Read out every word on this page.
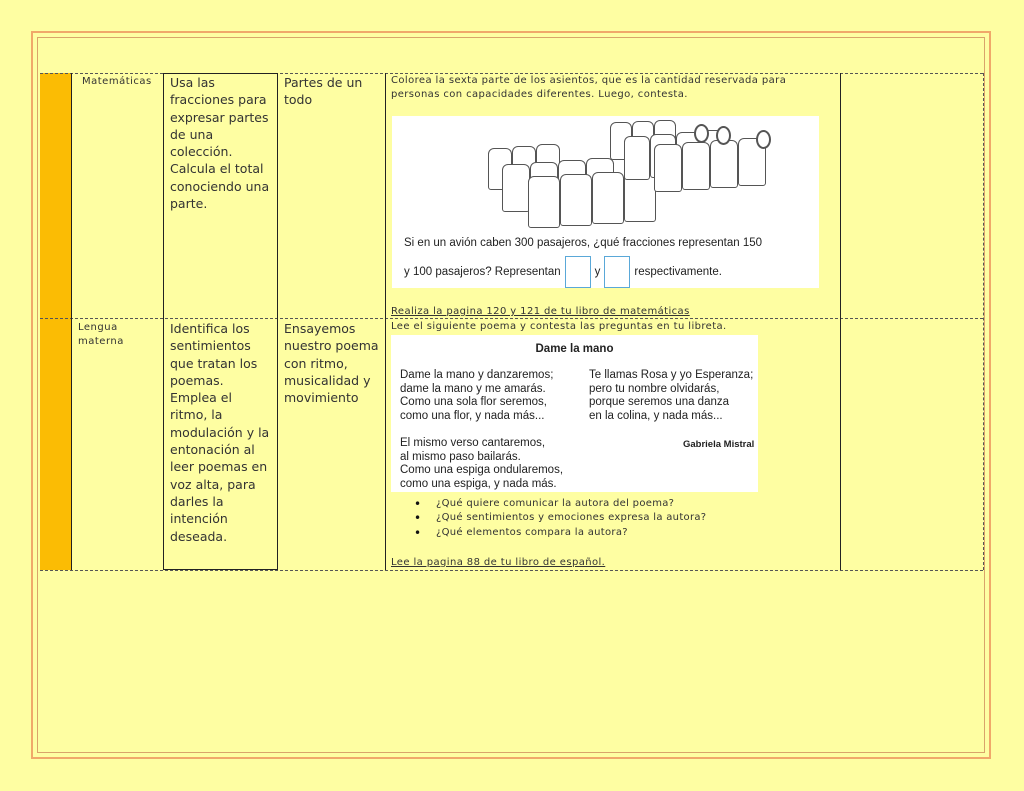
Matemáticas Usa las fracciones para expresar partes de una colección. Calcula el total conociendo una parte.
Partes de un todo
Colorea la sexta parte de los asientos, que es la cantidad reservada para personas con capacidades diferentes. Luego, contesta.
Si en un avión caben 300 pasajeros, ¿qué fracciones representan 150
y 100 pasajeros? Representan	y	respectivamente.
Realiza la pagina 120 y 121 de tu libro de matemáticas
Lengua materna
Identifica los sentimientos que tratan los poemas. Emplea el ritmo, la modulación y la entonación al leer poemas en voz alta, para darles la intención deseada.
Ensayemos nuestro poema con ritmo, musicalidad y movimiento
Lee el siguiente poema y contesta las preguntas en tu libreta.
Dame la mano
Dame la mano y danzaremos;
dame la mano y me amarás.
Como una sola flor seremos,
como una flor, y nada más...
El mismo verso cantaremos,
al mismo paso bailarás.
Como una espiga ondularemos,
como una espiga, y nada más.
Te llamas Rosa y yo Esperanza;
pero tu nombre olvidarás,
porque seremos una danza
en la colina, y nada más...
Gabriela Mistral
• ¿Qué quiere comunicar la autora del poema?
• ¿Qué sentimientos y emociones expresa la autora?
• ¿Qué elementos compara la autora?
Lee la pagina 88 de tu libro de español.
